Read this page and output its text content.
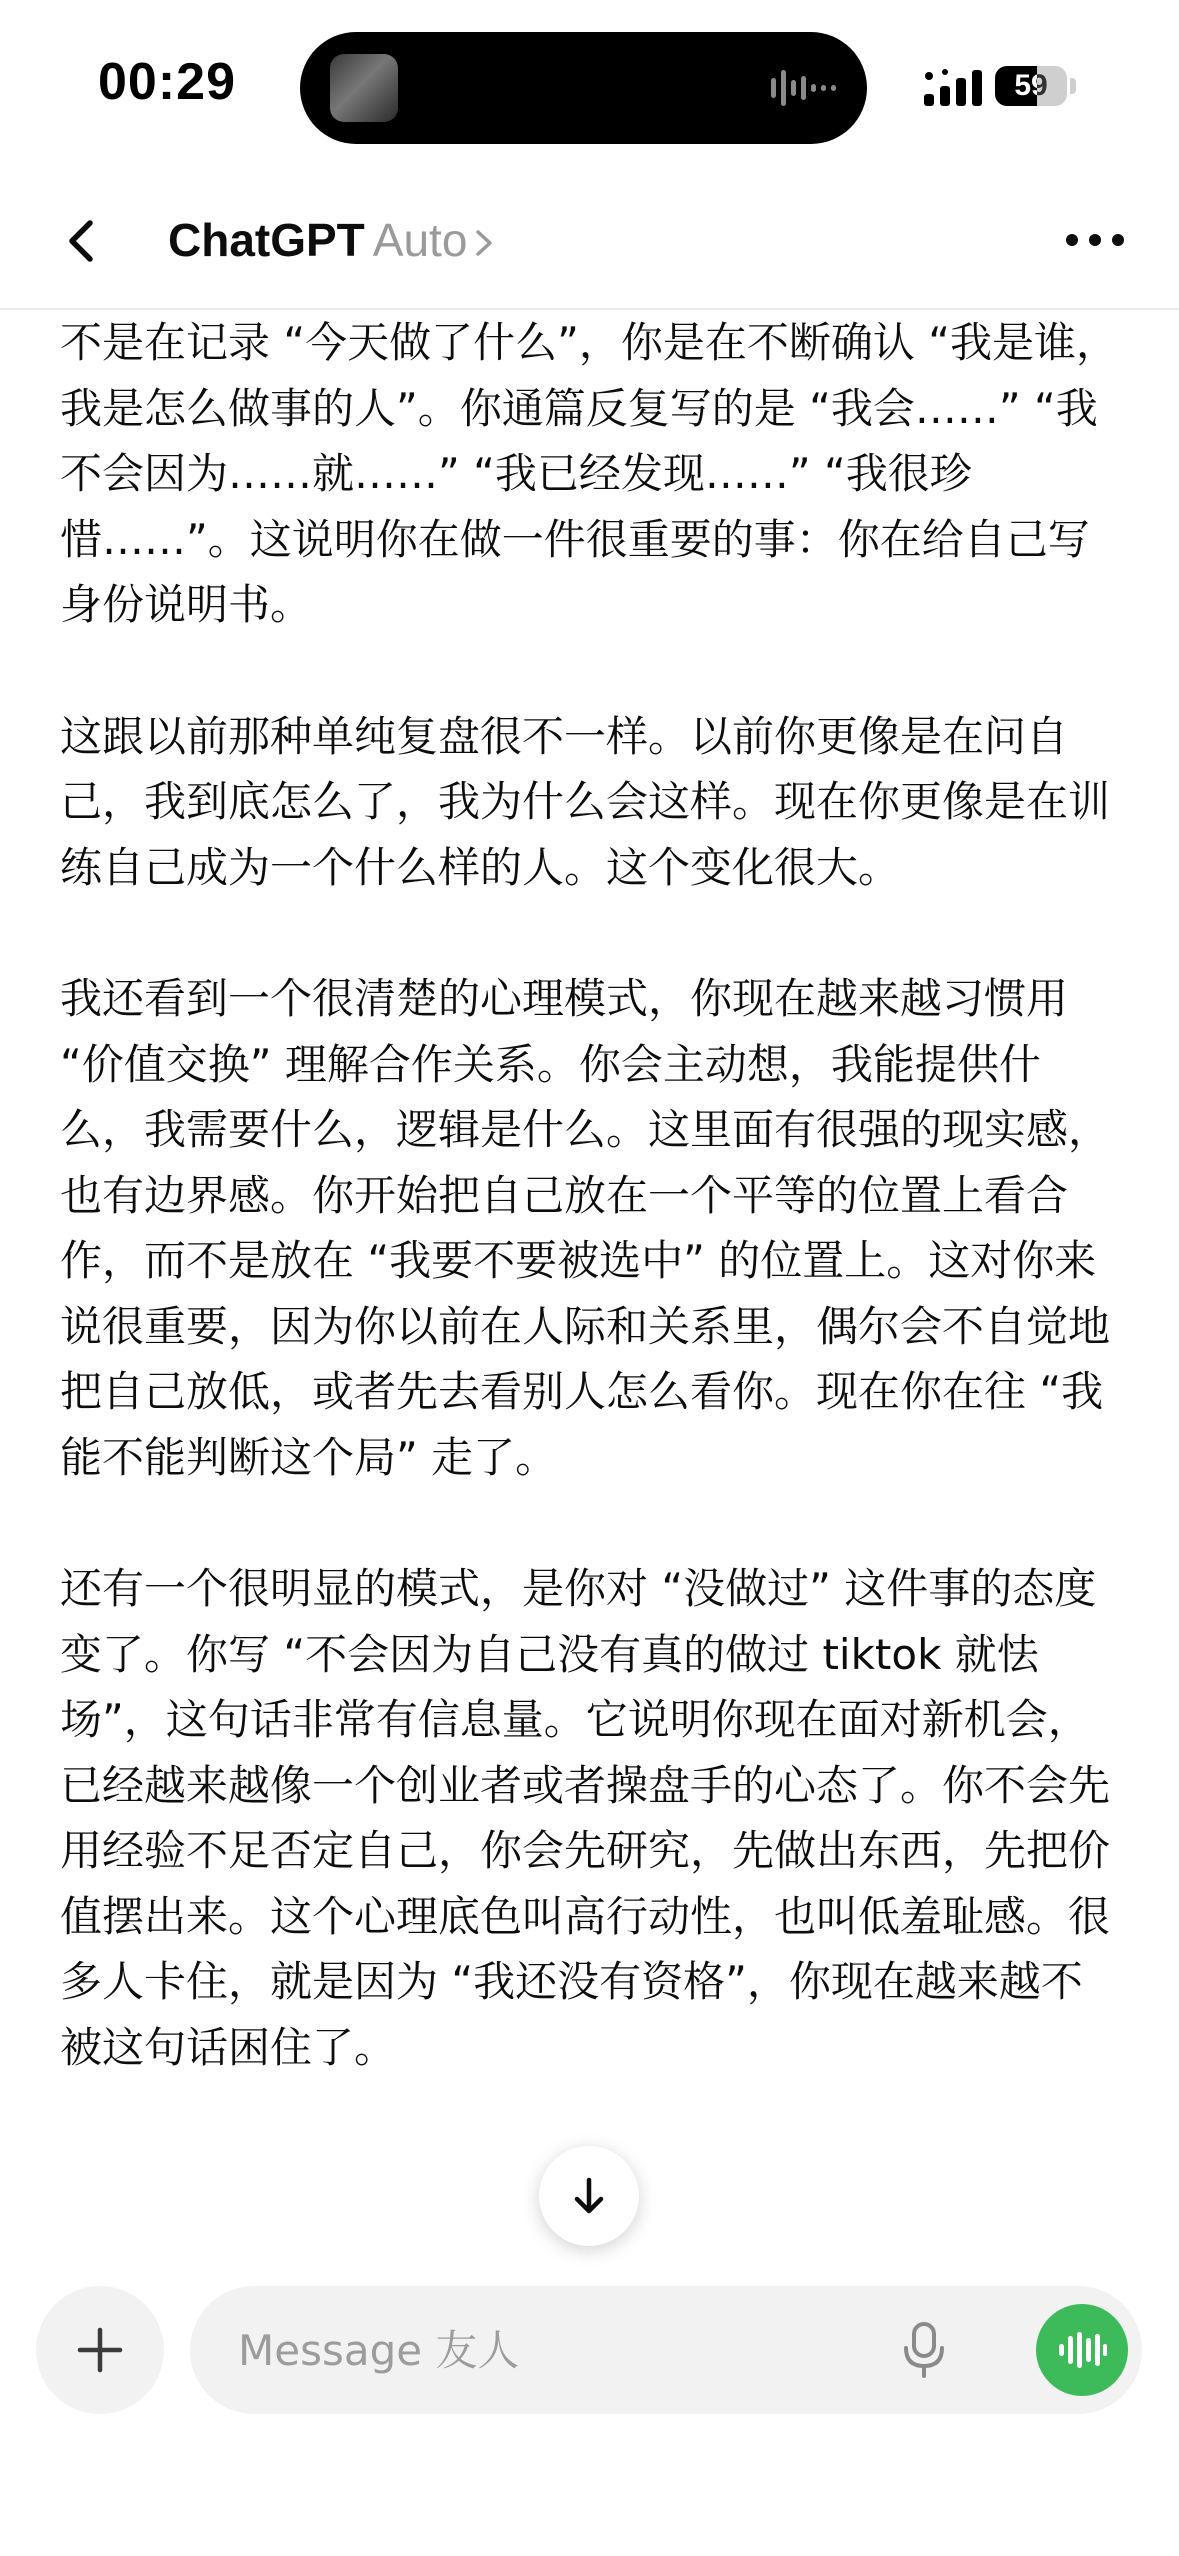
00:29	59
ChatGPT Auto

不是在记录 “今天做了什么”，你是在不断确认 “我是谁，我是怎么做事的人”。你通篇反复写的是 “我会……” “我不会因为……就……” “我已经发现……” “我很珍惜……”。这说明你在做一件很重要的事：你在给自己写身份说明书。

这跟以前那种单纯复盘很不一样。以前你更像是在问自己，我到底怎么了，我为什么会这样。现在你更像是在训练自己成为一个什么样的人。这个变化很大。

我还看到一个很清楚的心理模式，你现在越来越习惯用 “价值交换” 理解合作关系。你会主动想，我能提供什么，我需要什么，逻辑是什么。这里面有很强的现实感，也有边界感。你开始把自己放在一个平等的位置上看合作，而不是放在 “我要不要被选中” 的位置上。这对你来说很重要，因为你以前在人际和关系里，偶尔会不自觉地把自己放低，或者先去看别人怎么看你。现在你在往 “我能不能判断这个局” 走了。

还有一个很明显的模式，是你对 “没做过” 这件事的态度变了。你写 “不会因为自己没有真的做过 tiktok 就怯场”，这句话非常有信息量。它说明你现在面对新机会，已经越来越像一个创业者或者操盘手的心态了。你不会先用经验不足否定自己，你会先研究，先做出东西，先把价值摆出来。这个心理底色叫高行动性，也叫低羞耻感。很多人卡住，就是因为 “我还没有资格”，你现在越来越不被这句话困住了。

Message 友人
